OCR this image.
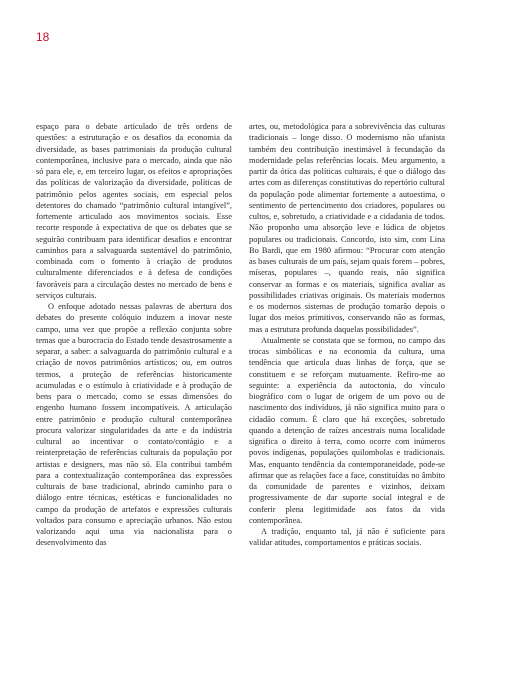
18

espaço para o debate articulado de três ordens de questões: a estruturação e os desafios da economia da diversidade, as bases patrimoniais da produção cultural contemporânea, inclusive para o mercado, ainda que não só para ele, e, em terceiro lugar, os efeitos e apropriações das políticas de valorização da diversidade, políticas de patrimônio pelos agentes sociais, em especial pelos detentores do chamado “patrimônio cultural intangível”, fortemente articulado aos movimentos sociais. Esse recorte responde à expectativa de que os debates que se seguirão contribuam para identificar desafios e encontrar caminhos para a salvaguarda sustentável do patrimônio, combinada com o fomento à criação de produtos culturalmente diferenciados e à defesa de condições favoráveis para a circulação destes no mercado de bens e serviços culturais.

O enfoque adotado nessas palavras de abertura dos debates do presente colóquio induzem a inovar neste campo, uma vez que propõe a reflexão conjunta sobre temas que a burocracia do Estado tende desastrosamente a separar, a saber: a salvaguarda do patrimônio cultural e a criação de novos patrimônios artísticos; ou, em outros termos, a proteção de referências historicamente acumuladas e o estímulo à criatividade e à produção de bens para o mercado, como se essas dimensões do engenho humano fossem incompatíveis. A articulação entre patrimônio e produção cultural contemporânea procura valorizar singularidades da arte e da indústria cultural ao incentivar o contato/contágio e a reinterpretação de referências culturais da população por artistas e designers, mas não só. Ela contribui também para a contextualização contemporânea das expressões culturais de base tradicional, abrindo caminho para o diálogo entre técnicas, estéticas e funcionalidades no campo da produção de artefatos e expressões culturais voltados para consumo e apreciação urbanos. Não estou valorizando aqui uma via nacionalista para o desenvolvimento das

artes, ou, metodológica para a sobrevivência das culturas tradicionais – longe disso. O modernismo não ufanista também deu contribuição inestimável à fecundação da modernidade pelas referências locais. Meu argumento, a partir da ótica das políticas culturais, é que o diálogo das artes com as diferenças constitutivas do repertório cultural da população pode alimentar fortemente a autoestima, o sentimento de pertencimento dos criadores, populares ou cultos, e, sobretudo, a criatividade e a cidadania de todos. Não proponho uma absorção leve e lúdica de objetos populares ou tradicionais. Concordo, isto sim, com Lina Bo Bardi, que em 1980 afirmou: “Procurar com atenção as bases culturais de um país, sejam quais forem – pobres, míseras, populares –, quando reais, não significa conservar as formas e os materiais, significa avaliar as possibilidades criativas originais. Os materiais modernos e os modernos sistemas de produção tomarão depois o lugar dos meios primitivos, conservando não as formas, mas a estrutura profunda daquelas possibilidades”.

Atualmente se constata que se formou, no campo das trocas simbólicas e na economia da cultura, uma tendência que articula duas linhas de força, que se constituem e se reforçam mutuamente. Refiro-me ao seguinte: a experiência da autoctonia, do vínculo biográfico com o lugar de origem de um povo ou de nascimento dos indivíduos, já não significa muito para o cidadão comum. É claro que há exceções, sobretudo quando a detenção de raízes ancestrais numa localidade significa o direito à terra, como ocorre com inúmeros povos indígenas, populações quilombolas e tradicionais. Mas, enquanto tendência da contemporaneidade, pode-se afirmar que as relações face a face, constituídas no âmbito da comunidade de parentes e vizinhos, deixam progressivamente de dar suporte social integral e de conferir plena legitimidade aos fatos da vida contemporânea.

A tradição, enquanto tal, já não é suficiente para validar atitudes, comportamentos e práticas sociais.
